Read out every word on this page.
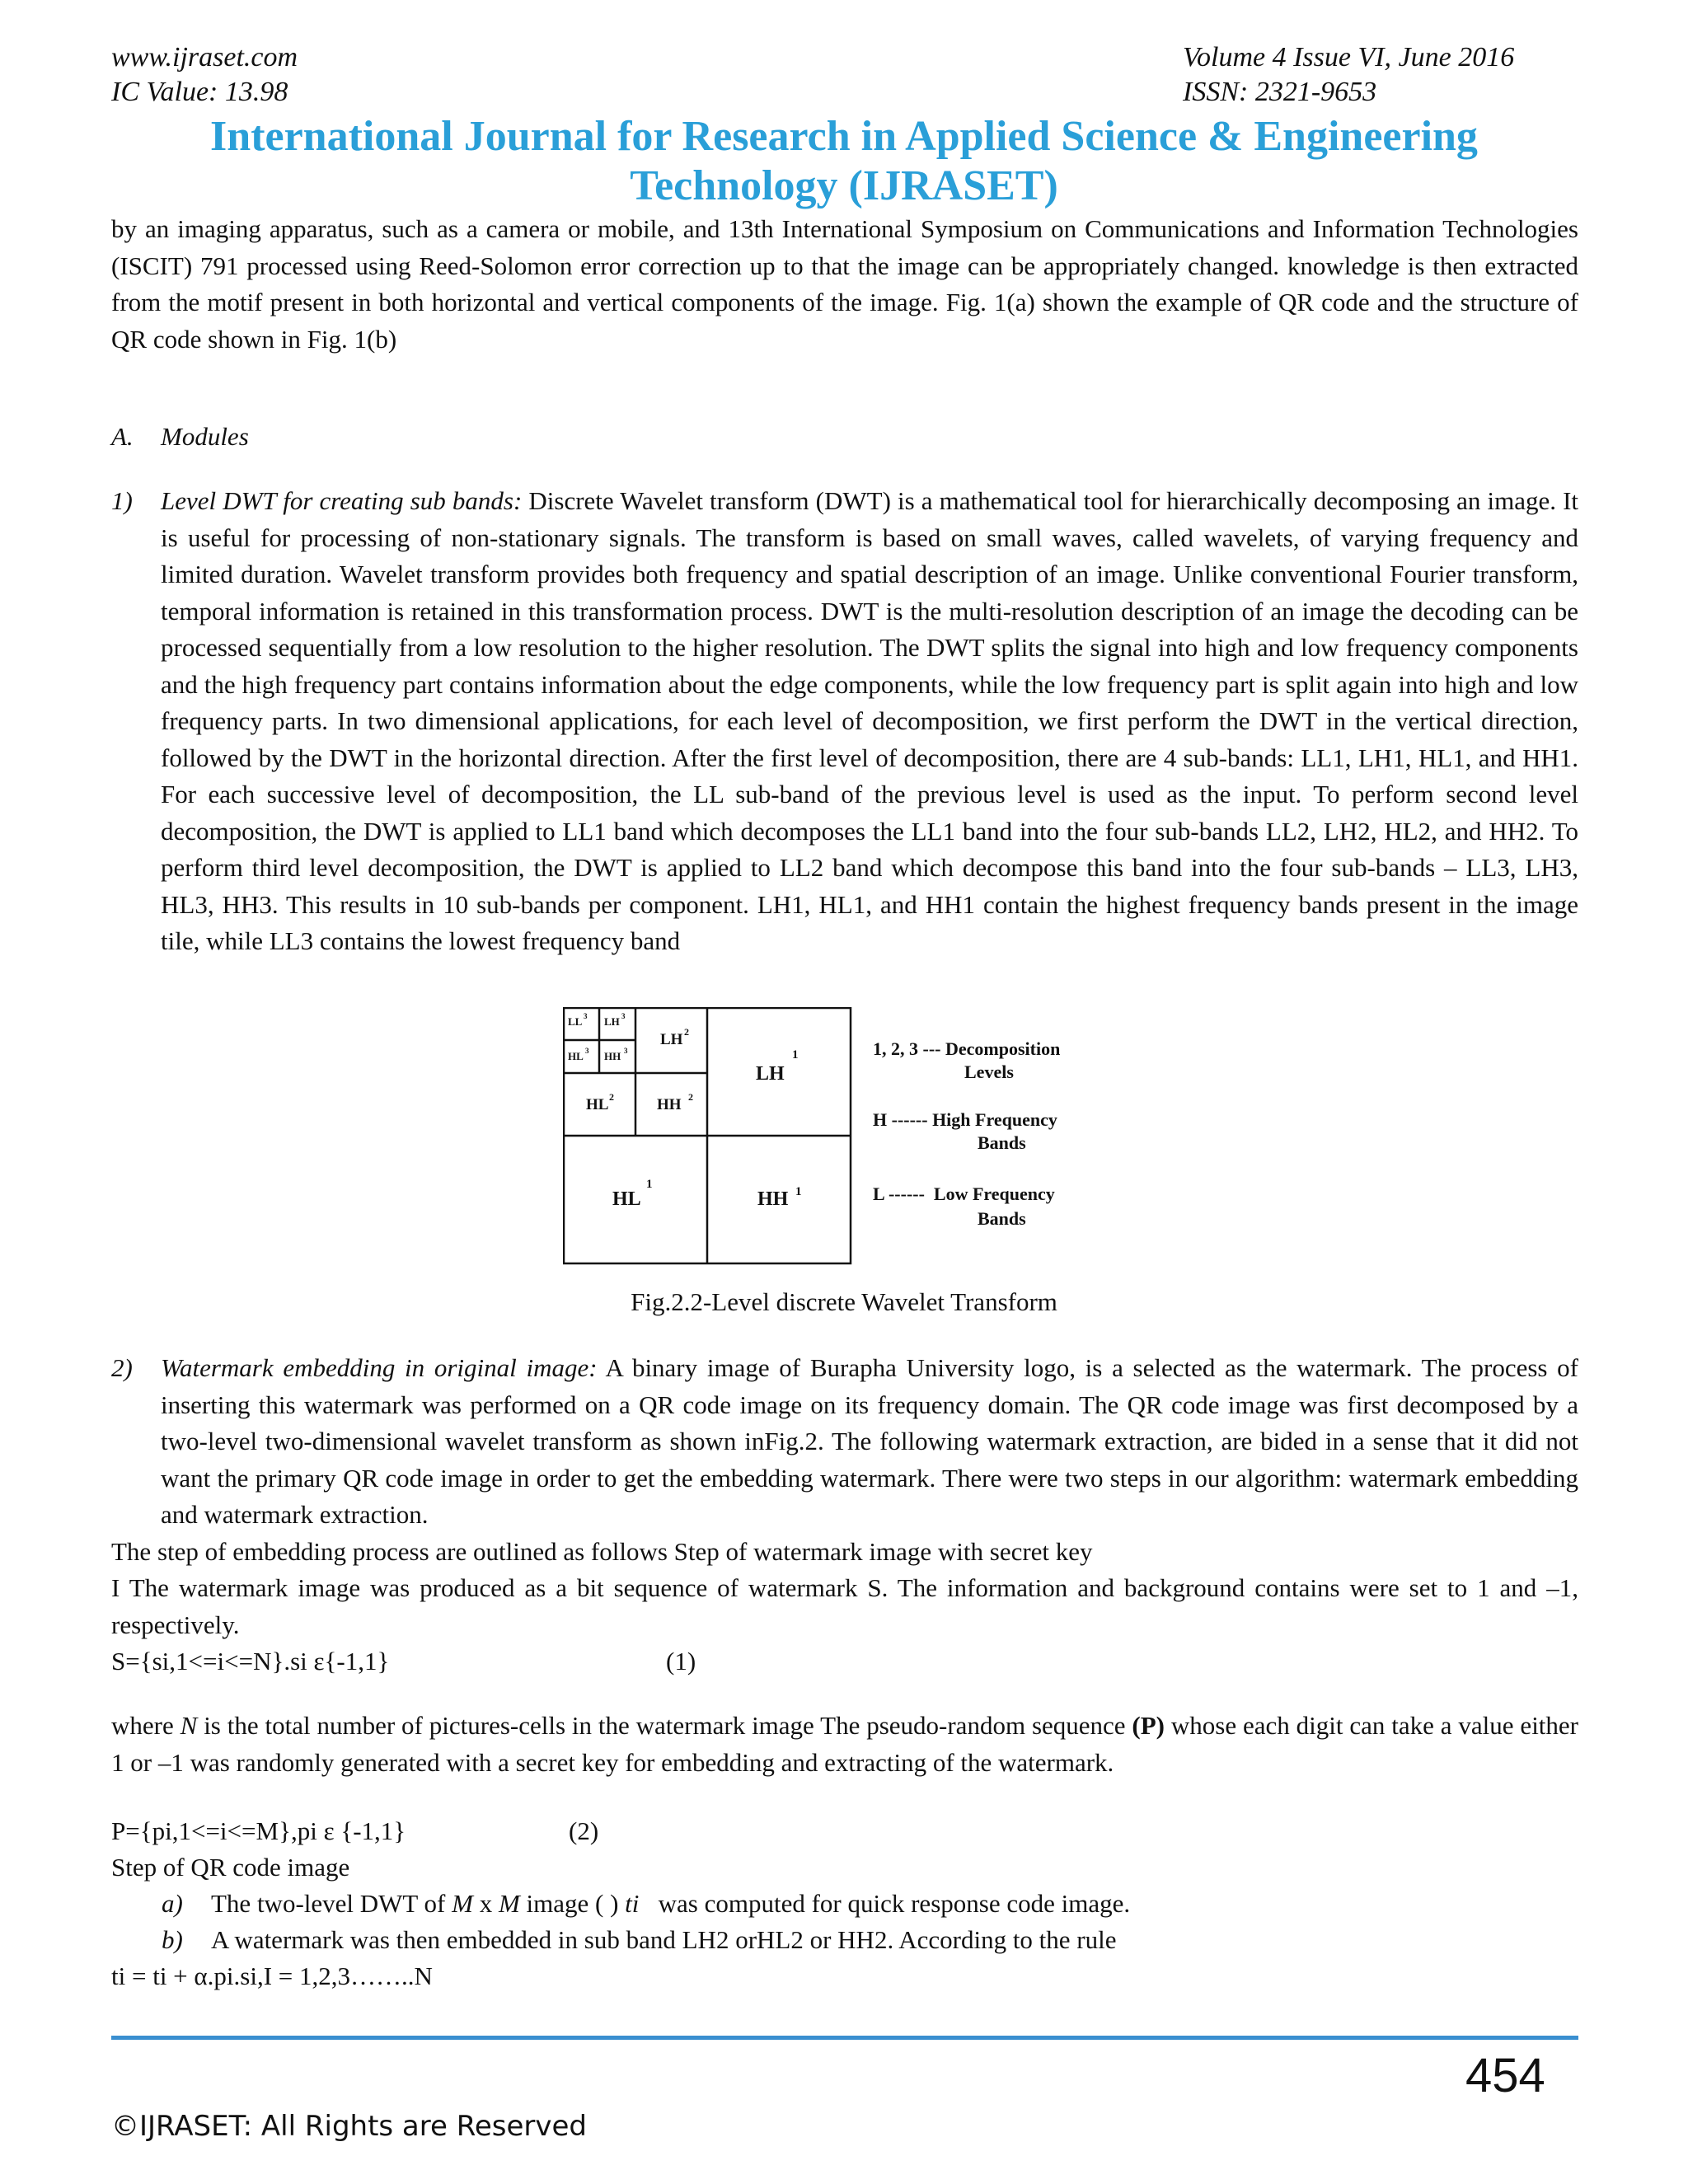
www.ijraset.com	Volume 4 Issue VI, June 2016
IC Value: 13.98	ISSN: 2321-9653
International Journal for Research in Applied Science & Engineering
Technology (IJRASET)
by an imaging apparatus, such as a camera or mobile, and 13th International Symposium on Communications and Information Technologies (ISCIT) 791 processed using Reed-Solomon error correction up to that the image can be appropriately changed. knowledge is then extracted from the motif present in both horizontal and vertical components of the image. Fig. 1(a) shown the example of QR code and the structure of QR code shown in Fig. 1(b)
A. Modules
1) Level DWT for creating sub bands: Discrete Wavelet transform (DWT) is a mathematical tool for hierarchically decomposing an image. It is useful for processing of non-stationary signals. The transform is based on small waves, called wavelets, of varying frequency and limited duration. Wavelet transform provides both frequency and spatial description of an image. Unlike conventional Fourier transform, temporal information is retained in this transformation process. DWT is the multi-resolution description of an image the decoding can be processed sequentially from a low resolution to the higher resolution. The DWT splits the signal into high and low frequency components and the high frequency part contains information about the edge components, while the low frequency part is split again into high and low frequency parts. In two dimensional applications, for each level of decomposition, we first perform the DWT in the vertical direction, followed by the DWT in the horizontal direction. After the first level of decomposition, there are 4 sub-bands: LL1, LH1, HL1, and HH1. For each successive level of decomposition, the LL sub-band of the previous level is used as the input. To perform second level decomposition, the DWT is applied to LL1 band which decomposes the LL1 band into the four sub-bands LL2, LH2, HL2, and HH2. To perform third level decomposition, the DWT is applied to LL2 band which decompose this band into the four sub-bands – LL3, LH3, HL3, HH3. This results in 10 sub-bands per component. LH1, HL1, and HH1 contain the highest frequency bands present in the image tile, while LL3 contains the lowest frequency band
LL 3 LH 3
HL 3 HH 3
LH 2
HL 2	HH 2
LH
1
HL
1
HH 1
1, 2, 3 --- Decomposition
Levels
H ------ High Frequency
Bands
L ------  Low Frequency
Bands
Fig.2.2-Level discrete Wavelet Transform
2) Watermark embedding in original image: A binary image of Burapha University logo, is a selected as the watermark. The process of inserting this watermark was performed on a QR code image on its frequency domain. The QR code image was first decomposed by a two-level two-dimensional wavelet transform as shown inFig.2. The following watermark extraction, are bided in a sense that it did not want the primary QR code image in order to get the embedding watermark. There were two steps in our algorithm: watermark embedding and watermark extraction.
The step of embedding process are outlined as follows Step of watermark image with secret key
I The watermark image was produced as a bit sequence of watermark S. The information and background contains were set to 1 and –1, respectively.
S={si,1<=i<=N}.si ε{-1,1}	(1)
where N is the total number of pictures-cells in the watermark image The pseudo-random sequence (P) whose each digit can take a value either 1 or –1 was randomly generated with a secret key for embedding and extracting of the watermark.
P={pi,1<=i<=M},pi ε {-1,1}	(2)
Step of QR code image
a) The two-level DWT of M x M image ( ) ti   was computed for quick response code image.
b) A watermark was then embedded in sub band LH2 orHL2 or HH2. According to the rule
ti = ti + α.pi.si,I = 1,2,3……..N
454
©IJRASET: All Rights are Reserved
